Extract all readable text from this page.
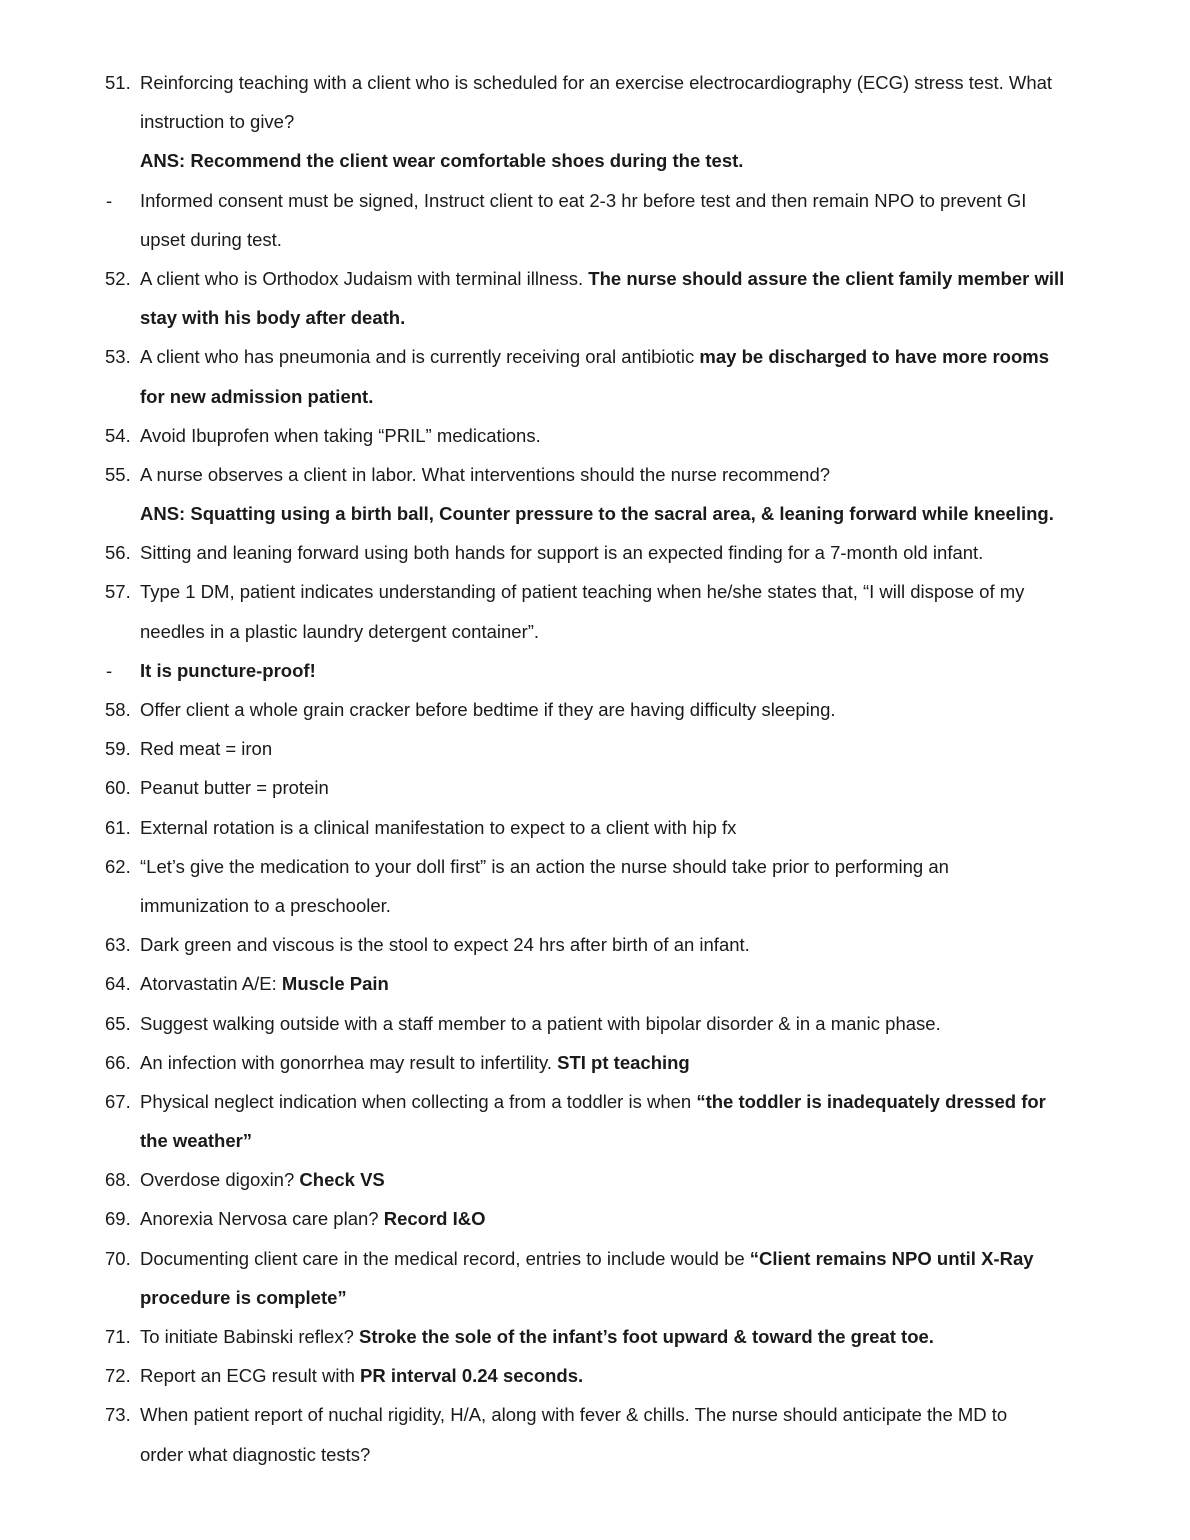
51. Reinforcing teaching with a client who is scheduled for an exercise electrocardiography (ECG) stress test. What
instruction to give?
ANS: Recommend the client wear comfortable shoes during the test.
- Informed consent must be signed, Instruct client to eat 2-3 hr before test and then remain NPO to prevent GI
upset during test.
52. A client who is Orthodox Judaism with terminal illness. The nurse should assure the client family member will
stay with his body after death.
53. A client who has pneumonia and is currently receiving oral antibiotic may be discharged to have more rooms
for new admission patient.
54. Avoid Ibuprofen when taking “PRIL” medications.
55. A nurse observes a client in labor. What interventions should the nurse recommend?
ANS: Squatting using a birth ball, Counter pressure to the sacral area, & leaning forward while kneeling.
56. Sitting and leaning forward using both hands for support is an expected finding for a 7-month old infant.
57. Type 1 DM, patient indicates understanding of patient teaching when he/she states that, “I will dispose of my
needles in a plastic laundry detergent container”.
- It is puncture-proof!
58. Offer client a whole grain cracker before bedtime if they are having difficulty sleeping.
59. Red meat = iron
60. Peanut butter = protein
61. External rotation is a clinical manifestation to expect to a client with hip fx
62. “Let’s give the medication to your doll first” is an action the nurse should take prior to performing an
immunization to a preschooler.
63. Dark green and viscous is the stool to expect 24 hrs after birth of an infant.
64. Atorvastatin A/E: Muscle Pain
65. Suggest walking outside with a staff member to a patient with bipolar disorder & in a manic phase.
66. An infection with gonorrhea may result to infertility. STI pt teaching
67. Physical neglect indication when collecting a from a toddler is when “the toddler is inadequately dressed for
the weather”
68. Overdose digoxin? Check VS
69. Anorexia Nervosa care plan? Record I&O
70. Documenting client care in the medical record, entries to include would be “Client remains NPO until X-Ray
procedure is complete”
71. To initiate Babinski reflex? Stroke the sole of the infant’s foot upward & toward the great toe.
72. Report an ECG result with PR interval 0.24 seconds.
73. When patient report of nuchal rigidity, H/A, along with fever & chills. The nurse should anticipate the MD to
order what diagnostic tests?
